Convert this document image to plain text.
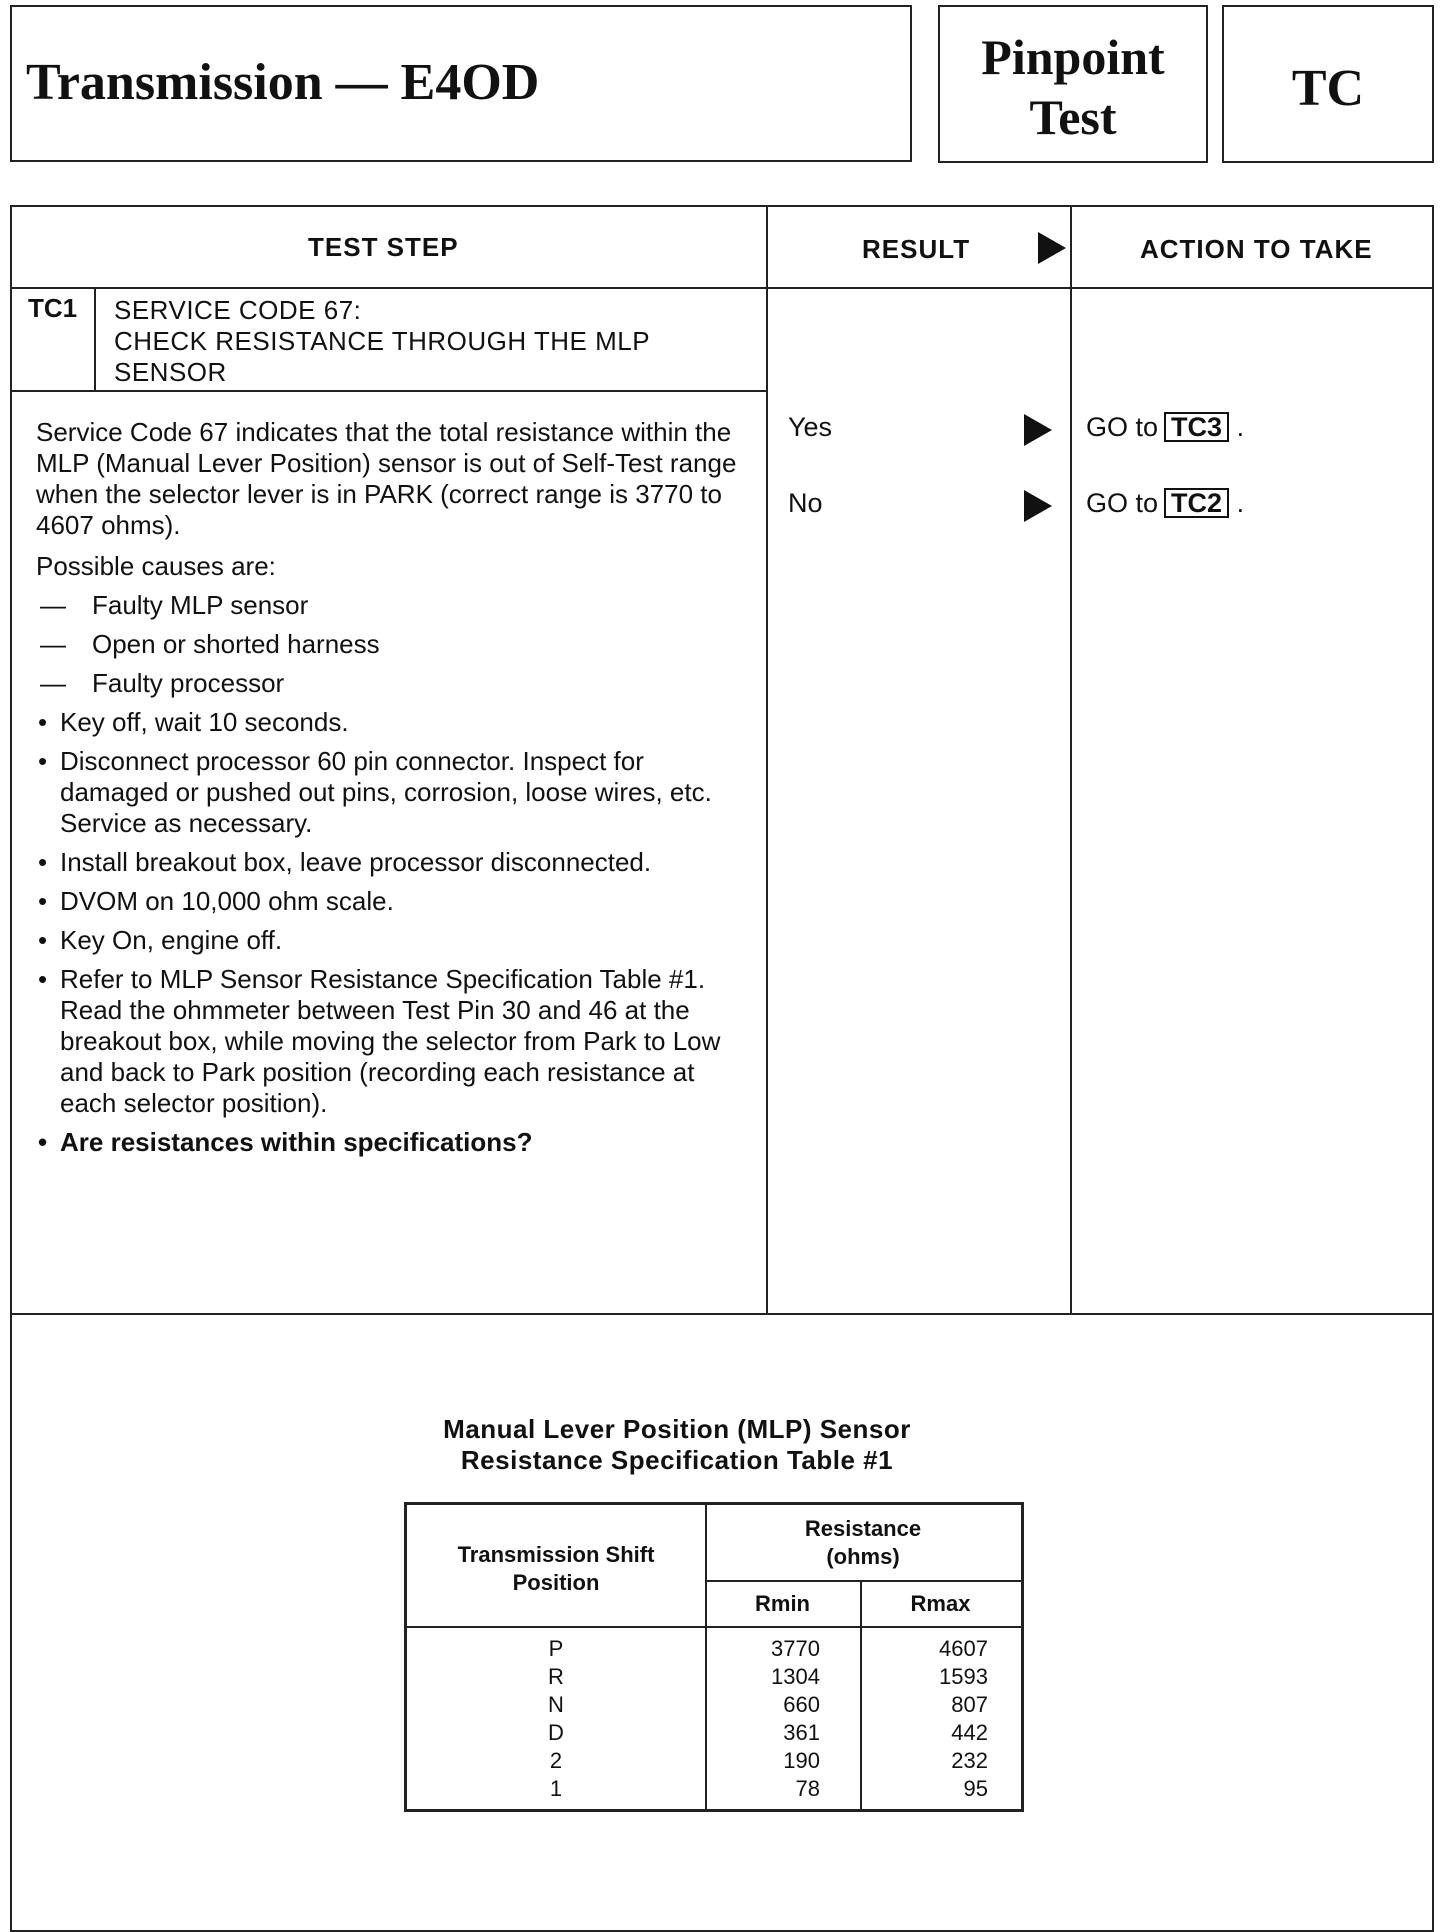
Transmission — E4OD	Pinpoint
Test	TC
TEST STEP	RESULT	ACTION TO TAKE
TC1 SERVICE CODE 67:
CHECK RESISTANCE THROUGH THE MLP
SENSOR

Service Code 67 indicates that the total resistance within the MLP (Manual Lever Position) sensor is out of Self-Test range when the selector lever is in PARK (correct range is 3770 to 4607 ohms).

Possible causes are:

— Faulty MLP sensor
— Open or shorted harness
— Faulty processor
• Key off, wait 10 seconds.
• Disconnect processor 60 pin connector. Inspect for damaged or pushed out pins, corrosion, loose wires, etc. Service as necessary.
• Install breakout box, leave processor disconnected.
• DVOM on 10,000 ohm scale.
• Key On, engine off.
• Refer to MLP Sensor Resistance Specification Table #1. Read the ohmmeter between Test Pin 30 and 46 at the breakout box, while moving the selector from Park to Low and back to Park position (recording each resistance at each selector position).
• Are resistances within specifications?
Yes	GO to TC3 .
No	GO to TC2 .
Manual Lever Position (MLP) Sensor
Resistance Specification Table #1
Transmission Shift
Position
Resistance
(ohms)
Rmin	Rmax
P	3770	4607
R	1304	1593
N	660	807
D	361	442
2	190	232
1	78	95
